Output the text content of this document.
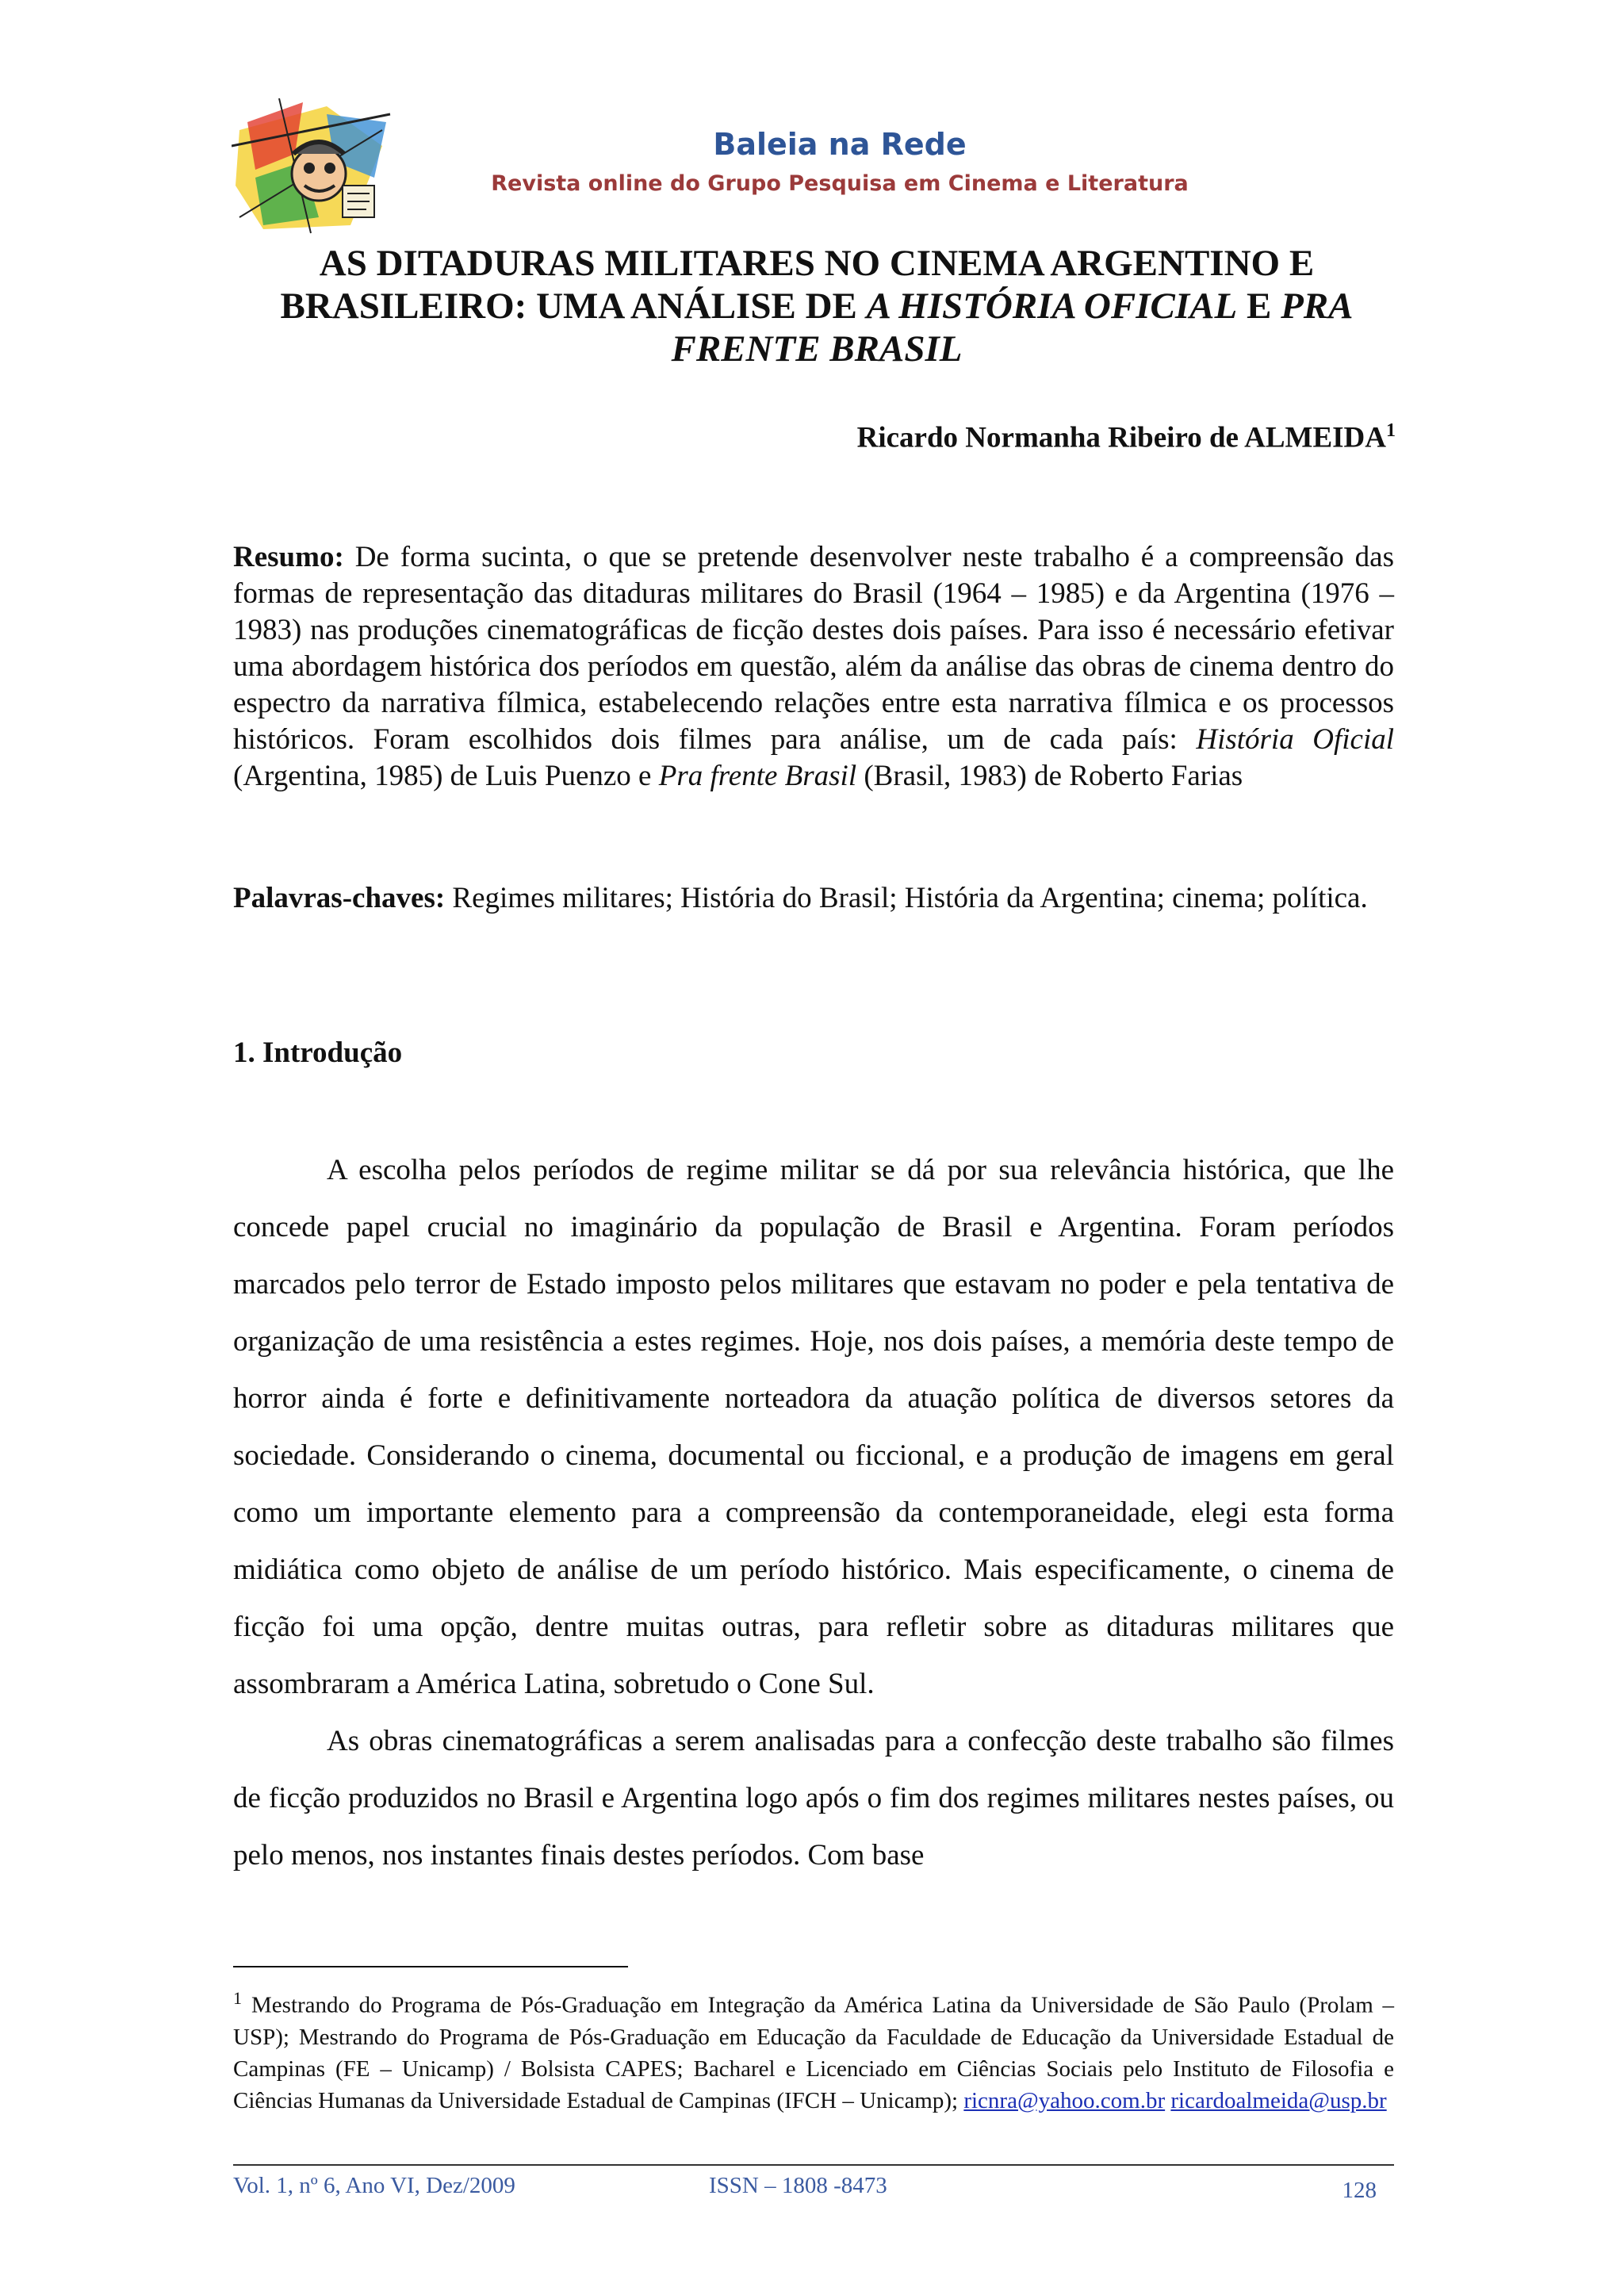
Baleia na Rede
Revista online do Grupo Pesquisa em Cinema e Literatura
AS DITADURAS MILITARES NO CINEMA ARGENTINO E BRASILEIRO: UMA ANÁLISE DE A HISTÓRIA OFICIAL E PRA FRENTE BRASIL
Ricardo Normanha Ribeiro de ALMEIDA$^1$
Resumo: De forma sucinta, o que se pretende desenvolver neste trabalho é a compreensão das formas de representação das ditaduras militares do Brasil (1964 – 1985) e da Argentina (1976 – 1983) nas produções cinematográficas de ficção destes dois países. Para isso é necessário efetivar uma abordagem histórica dos períodos em questão, além da análise das obras de cinema dentro do espectro da narrativa fílmica, estabelecendo relações entre esta narrativa fílmica e os processos históricos. Foram escolhidos dois filmes para análise, um de cada país: História Oficial (Argentina, 1985) de Luis Puenzo e Pra frente Brasil (Brasil, 1983) de Roberto Farias
Palavras-chaves: Regimes militares; História do Brasil; História da Argentina; cinema; política.
1. Introdução

A escolha pelos períodos de regime militar se dá por sua relevância histórica, que lhe concede papel crucial no imaginário da população de Brasil e Argentina. Foram períodos marcados pelo terror de Estado imposto pelos militares que estavam no poder e pela tentativa de organização de uma resistência a estes regimes. Hoje, nos dois países, a memória deste tempo de horror ainda é forte e definitivamente norteadora da atuação política de diversos setores da sociedade. Considerando o cinema, documental ou ficcional, e a produção de imagens em geral como um importante elemento para a compreensão da contemporaneidade, elegi esta forma midiática como objeto de análise de um período histórico. Mais especificamente, o cinema de ficção foi uma opção, dentre muitas outras, para refletir sobre as ditaduras militares que assombraram a América Latina, sobretudo o Cone Sul.

As obras cinematográficas a serem analisadas para a confecção deste trabalho são filmes de ficção produzidos no Brasil e Argentina logo após o fim dos regimes militares nestes países, ou pelo menos, nos instantes finais destes períodos. Com base

$^1$ Mestrando do Programa de Pós-Graduação em Integração da América Latina da Universidade de São Paulo (Prolam – USP); Mestrando do Programa de Pós-Graduação em Educação da Faculdade de Educação da Universidade Estadual de Campinas (FE – Unicamp) / Bolsista CAPES; Bacharel e Licenciado em Ciências Sociais pelo Instituto de Filosofia e Ciências Humanas da Universidade Estadual de Campinas (IFCH – Unicamp); ricnra@yahoo.com.br ricardoalmeida@usp.br
Vol. 1, nº 6, Ano VI, Dez/2009	ISSN – 1808 -8473	128
